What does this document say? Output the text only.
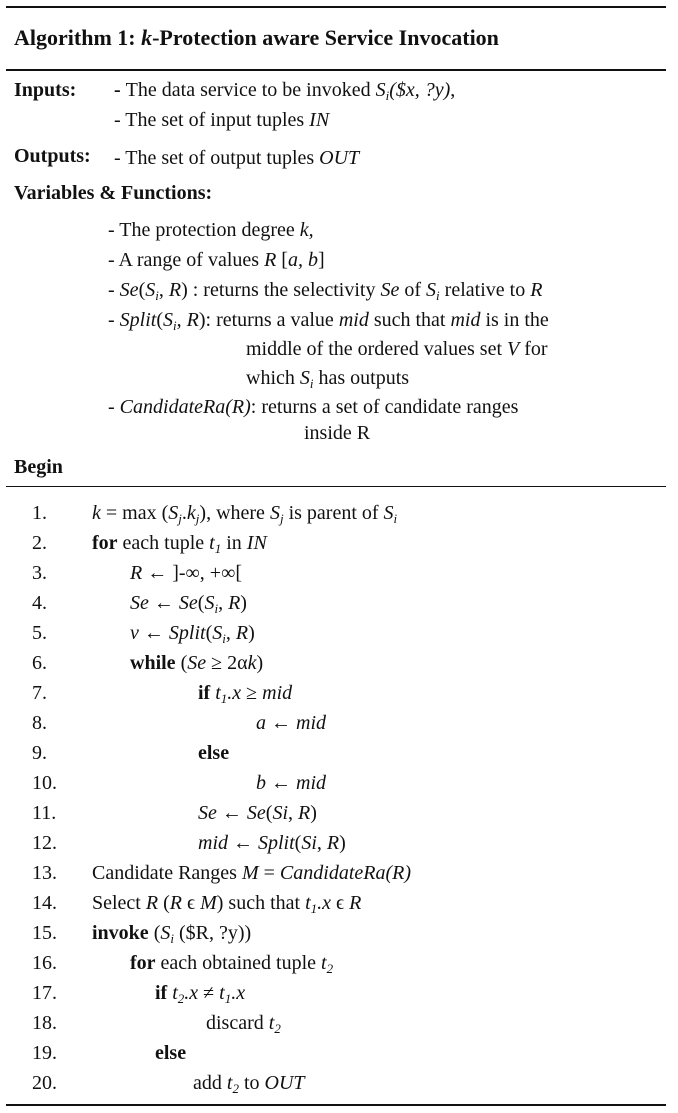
Algorithm 1: k-Protection aware Service Invocation
Inputs: - The data service to be invoked $S_i(\$x$, ?y),
- The set of input tuples IN
Outputs: - The set of output tuples OUT
Variables & Functions:
- The protection degree k,
- A range of values R [a, b]
- $Se(S_i$, R) : returns the selectivity Se of $S_i$ relative to R
- $Split(S_i$, R): returns a value mid such that mid is in the
middle of the ordered values set V for
which $S_i$ has outputs
- CandidateRa(R): returns a set of candidate ranges
inside R
Begin
1.
2.
3.
4.
5.
6.
7.
8.
9.
10.
11.
12.
13.
14.
15.
16.
17.
18.
19.
20.
$k = \max (S_j.k_j)$, where $S_j$ is parent of $S_i$
for each tuple $t_1$ in IN
R ← ]-∞, +∞[
Se ← $Se(S_i$, R)
v ← $Split(S_i$, R)
while (Se ≥ 2αk)
if $t_1.x$ ≥ mid
a ← mid
else
b ← mid
Se ← Se(Si, R)
mid ← Split(Si, R)
Candidate Ranges M = CandidateRa(R)
Select R (R ϵ M) such that $t_1.x$ ϵ R
invoke ($S_i$ ($R, ?y))
for each obtained tuple $t_2$
if $t_2.x \ne t_1.x$
discard $t_2$
else
add $t_2$ to OUT
